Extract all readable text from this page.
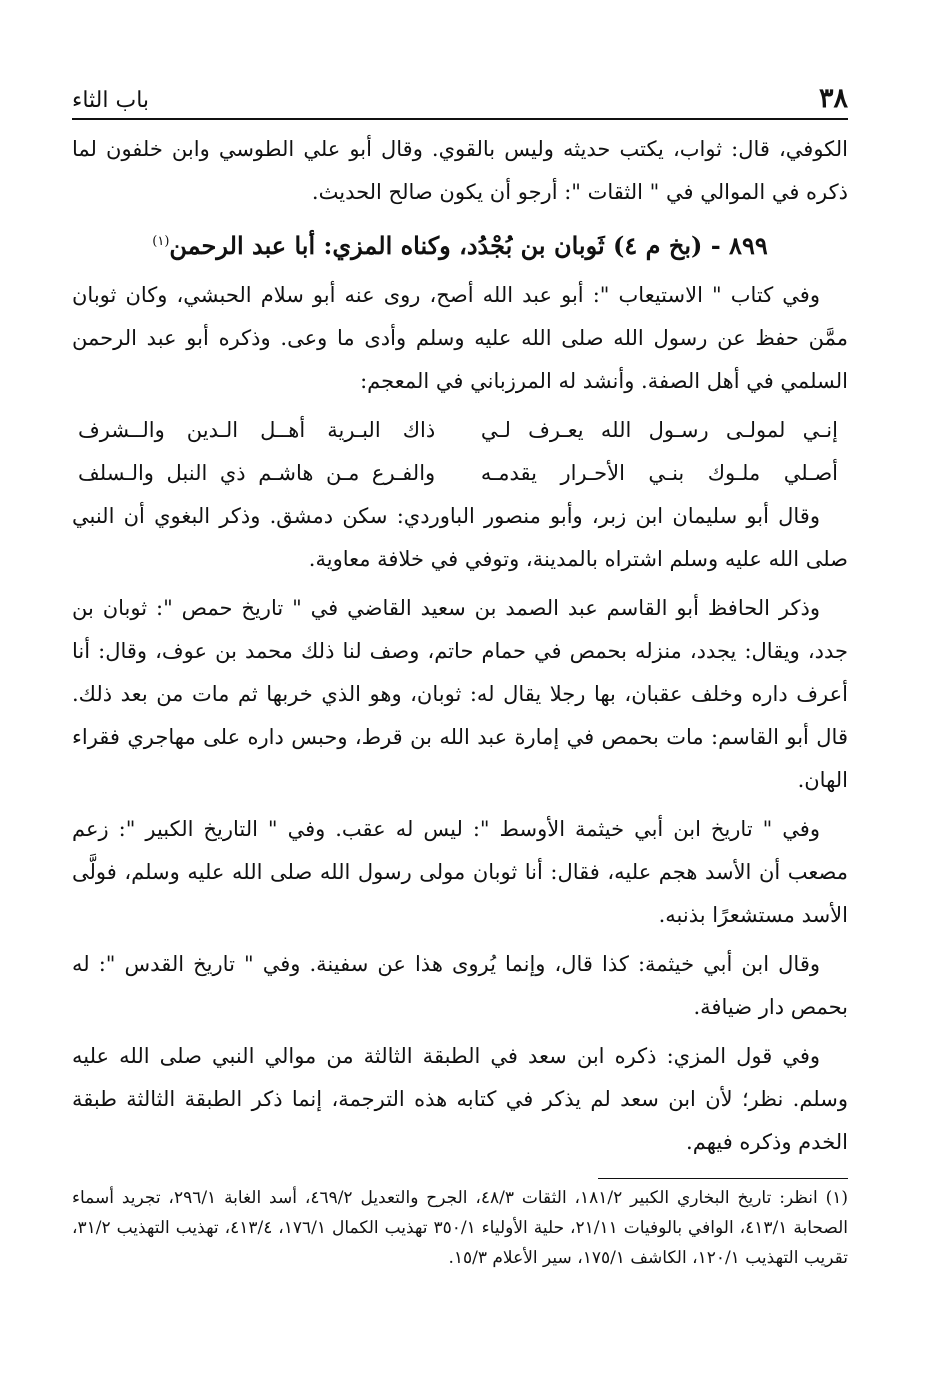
٣٨
باب الثاء

الكوفي، قال: ثواب، يكتب حديثه وليس بالقوي. وقال أبو علي الطوسي وابن خلفون لما ذكره في الموالي في " الثقات ": أرجو أن يكون صالح الحديث.

٨٩٩ - (بخ م ٤) ثَوبان بن بُجْدُد، وكناه المزي: أبا عبد الرحمن$^{(١)}$

وفي كتاب " الاستيعاب ": أبو عبد الله أصح، روى عنه أبو سلام الحبشي، وكان ثوبان ممَّن حفظ عن رسول الله صلى الله عليه وسلم وأدى ما وعى. وذكره أبو عبد الرحمن السلمي في أهل الصفة. وأنشد له المرزباني في المعجم:

إنـي لمولـى رسـول الله يعـرف لـي
ذاك البـرية أهــل الـدين والــشرف
أصـلي ملـوك بنـي الأحـرار يقدمـه
والفـرع مـن هاشـم ذي النبل والـسلف

وقال أبو سليمان ابن زبر، وأبو منصور الباوردي: سكن دمشق. وذكر البغوي أن النبي صلى الله عليه وسلم اشتراه بالمدينة، وتوفي في خلافة معاوية.

وذكر الحافظ أبو القاسم عبد الصمد بن سعيد القاضي في " تاريخ حمص ": ثوبان بن جدد، ويقال: يجدد، منزله بحمص في حمام حاتم، وصف لنا ذلك محمد بن عوف، وقال: أنا أعرف داره وخلف عقبان، بها رجلا يقال له: ثوبان، وهو الذي خربها ثم مات من بعد ذلك. قال أبو القاسم: مات بحمص في إمارة عبد الله بن قرط، وحبس داره على مهاجري فقراء الهان.

وفي " تاريخ ابن أبي خيثمة الأوسط ": ليس له عقب. وفي " التاريخ الكبير ": زعم مصعب أن الأسد هجم عليه، فقال: أنا ثوبان مولى رسول الله صلى الله عليه وسلم، فولَّى الأسد مستشعرًا بذنبه.

وقال ابن أبي خيثمة: كذا قال، وإنما يُروى هذا عن سفينة. وفي " تاريخ القدس ": له بحمص دار ضيافة.

وفي قول المزي: ذكره ابن سعد في الطبقة الثالثة من موالي النبي صلى الله عليه وسلم. نظر؛ لأن ابن سعد لم يذكر في كتابه هذه الترجمة، إنما ذكر الطبقة الثالثة طبقة الخدم وذكره فيهم.

(١) انظر: تاريخ البخاري الكبير ١٨١/٢، الثقات ٤٨/٣، الجرح والتعديل ٤٦٩/٢، أسد الغابة ٢٩٦/١، تجريد أسماء الصحابة ٤١٣/١، الوافي بالوفيات ٢١/١١، حلية الأولياء ٣٥٠/١ تهذيب الكمال ١٧٦/١، ٤١٣/٤، تهذيب التهذيب ٣١/٢، تقريب التهذيب ١٢٠/١، الكاشف ١٧٥/١، سير الأعلام ١٥/٣.
